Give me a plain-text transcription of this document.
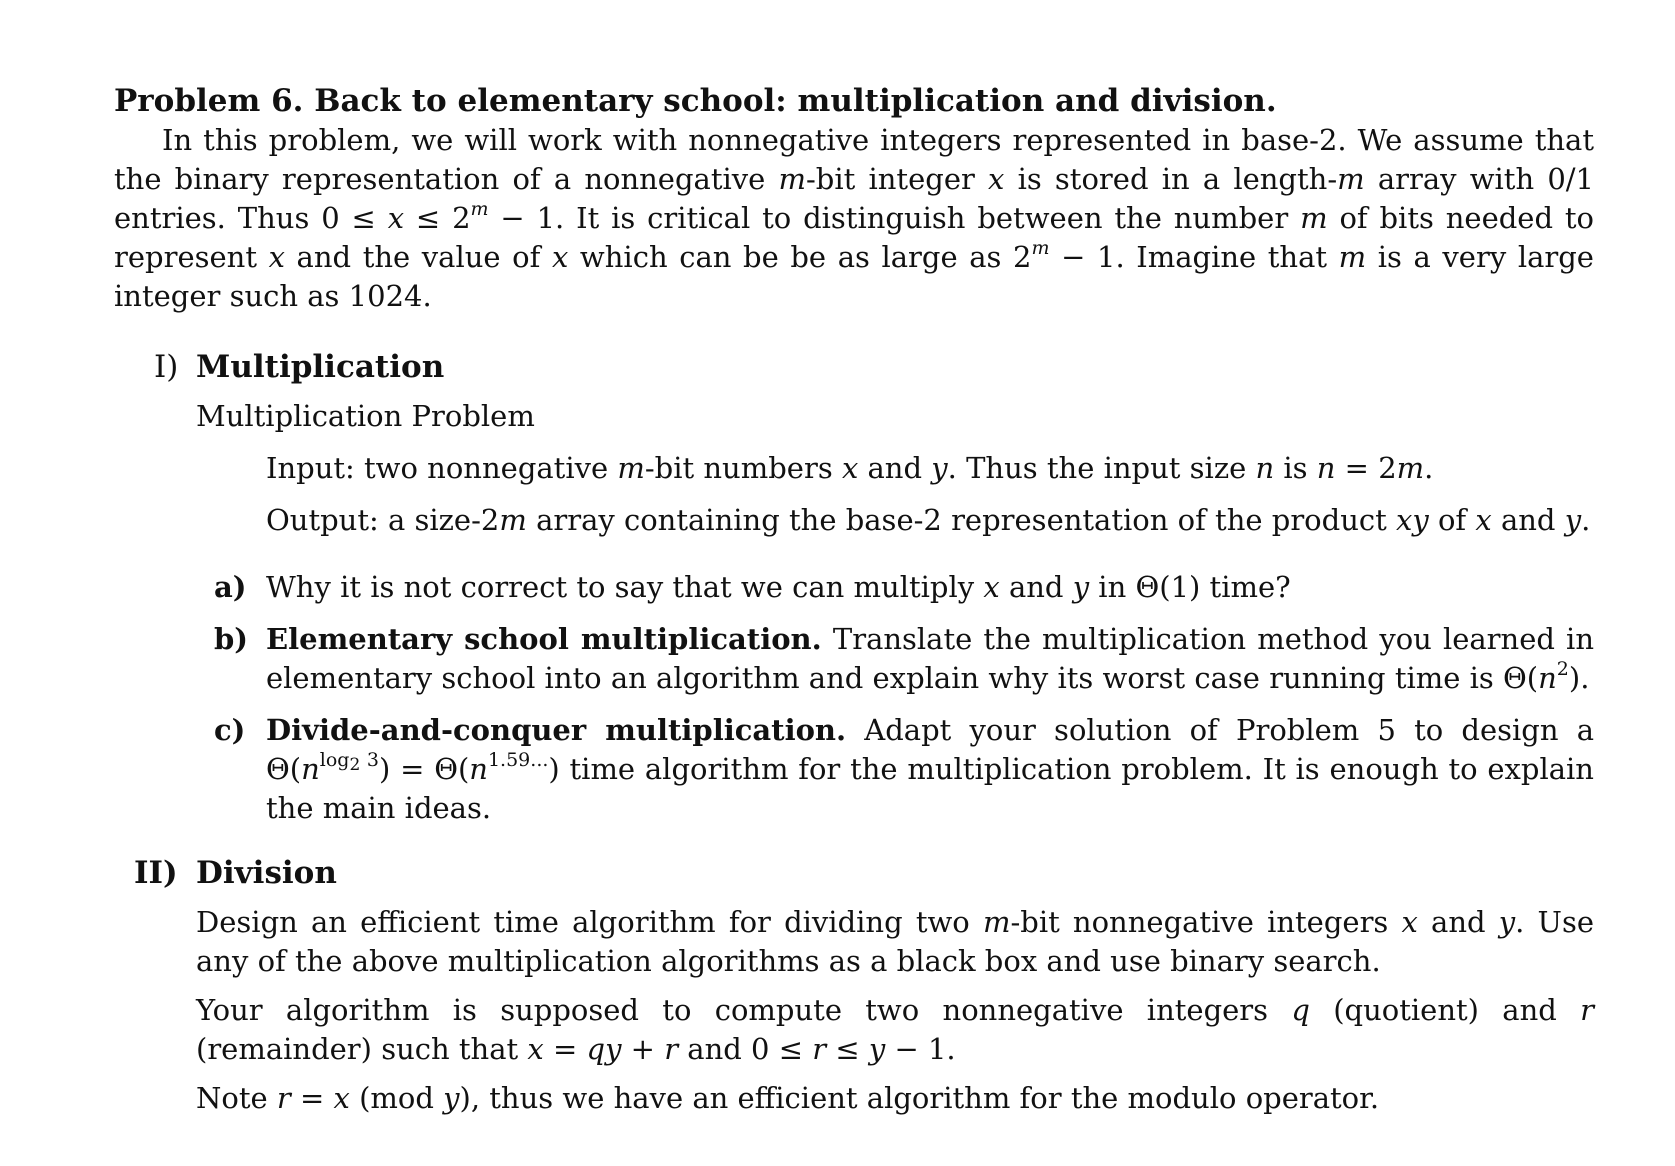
Problem 6. Back to elementary school: multiplication and division.
In this problem, we will work with nonnegative integers represented in base-2. We assume that the binary representation of a nonnegative m-bit integer x is stored in a length-m array with 0/1 entries. Thus $0 \le x \le 2^m - 1$. It is critical to distinguish between the number m of bits needed to represent x and the value of x which can be be as large as $2^m - 1$. Imagine that m is a very large integer such as 1024.
I) Multiplication
Multiplication Problem

Input: two nonnegative m-bit numbers x and y. Thus the input size n is n = 2m.

Output: a size-2m array containing the base-2 representation of the product xy of x and y.

a) Why it is not correct to say that we can multiply x and y in Θ(1) time?
b) Elementary school multiplication. Translate the multiplication method you learned in elementary school into an algorithm and explain why its worst case running time is $\Theta(n^2)$.
c) Divide-and-conquer multiplication. Adapt your solution of Problem 5 to design a $\Theta(n^{log_2 3}) = \Theta(n^{1.59...})$ time algorithm for the multiplication problem. It is enough to explain the main ideas.
II) Division

Design an efficient time algorithm for dividing two m-bit nonnegative integers x and y. Use any of the above multiplication algorithms as a black box and use binary search.

Your algorithm is supposed to compute two nonnegative integers q (quotient) and r (remainder) such that x = qy + r and 0 ≤ r ≤ y − 1.

Note r = x (mod y), thus we have an efficient algorithm for the modulo operator.
